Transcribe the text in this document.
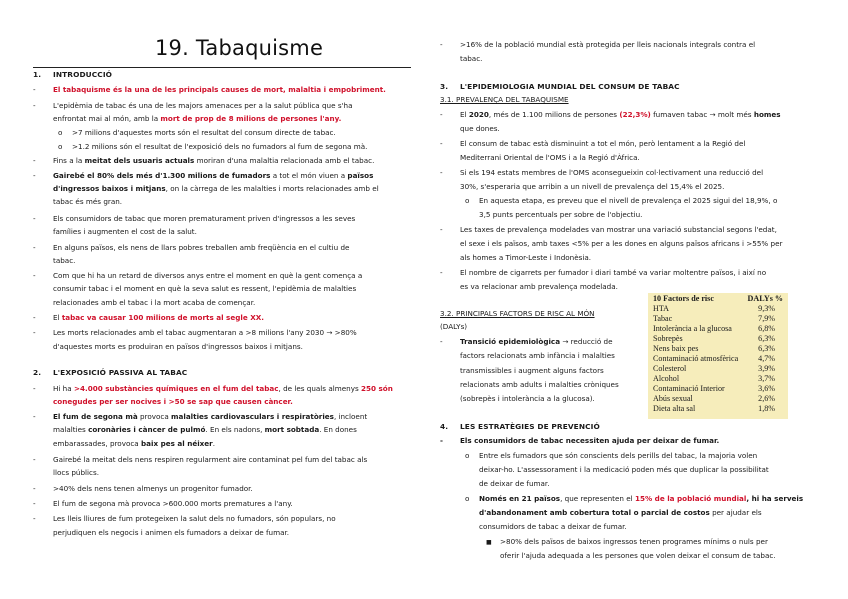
19. Tabaquisme
1. INTRODUCCIÓ
- El tabaquisme és la una de les principals causes de mort, malaltia i empobriment.
- L'epidèmia de tabac és una de les majors amenaces per a la salut pública que s'ha
enfrontat mai al món, amb la mort de prop de 8 milions de persones l'any.
o >7 milions d'aquestes morts són el resultat del consum directe de tabac.
o >1.2 milions són el resultat de l'exposició dels no fumadors al fum de segona mà.
- Fins a la meitat dels usuaris actuals moriran d'una malaltia relacionada amb el tabac.
- Gairebé el 80% dels més d'1.300 milions de fumadors a tot el món viuen a països
d'ingressos baixos i mitjans, on la càrrega de les malalties i morts relacionades amb el
tabac és més gran.
- Els consumidors de tabac que moren prematurament priven d'ingressos a les seves
famílies i augmenten el cost de la salut.
- En alguns països, els nens de llars pobres treballen amb freqüència en el cultiu de
tabac.
- Com que hi ha un retard de diversos anys entre el moment en què la gent comença a
consumir tabac i el moment en què la seva salut es ressent, l'epidèmia de malalties
relacionades amb el tabac i la mort acaba de començar.
- El tabac va causar 100 milions de morts al segle XX.
- Les morts relacionades amb el tabac augmentaran a >8 milions l'any 2030 → >80%
d'aquestes morts es produiran en països d'ingressos baixos i mitjans.
2. L'EXPOSICIÓ PASSIVA AL TABAC
- Hi ha >4.000 substàncies químiques en el fum del tabac, de les quals almenys 250 són
conegudes per ser nocives i >50 se sap que causen càncer.
- El fum de segona mà provoca malalties cardiovasculars i respiratòries, incloent
malalties coronàries i càncer de pulmó. En els nadons, mort sobtada. En dones
embarassades, provoca baix pes al néixer.
- Gairebé la meitat dels nens respiren regularment aire contaminat pel fum del tabac als
llocs públics.
- >40% dels nens tenen almenys un progenitor fumador.
- El fum de segona mà provoca >600.000 morts prematures a l'any.
- Les lleis lliures de fum protegeixen la salut dels no fumadors, són populars, no
perjudiquen els negocis i animen els fumadors a deixar de fumar.
- >16% de la població mundial està protegida per lleis nacionals integrals contra el
tabac.
3. L'EPIDEMIOLOGIA MUNDIAL DEL CONSUM DE TABAC
3.1. PREVALENÇA DEL TABAQUISME
- El 2020, més de 1.100 milions de persones (22,3%) fumaven tabac → molt més homes
que dones.
- El consum de tabac està disminuint a tot el món, però lentament a la Regió del
Mediterrani Oriental de l'OMS i a la Regió d'Àfrica.
- Si els 194 estats membres de l'OMS aconsegueixin col·lectivament una reducció del
30%, s'esperaria que arribin a un nivell de prevalença del 15,4% el 2025.
o En aquesta etapa, es preveu que el nivell de prevalença el 2025 sigui del 18,9%, o
3,5 punts percentuals per sobre de l'objectiu.
- Les taxes de prevalença modelades van mostrar una variació substancial segons l'edat,
el sexe i els països, amb taxes <5% per a les dones en alguns països africans i >55% per
als homes a Timor-Leste i Indonèsia.
- El nombre de cigarrets per fumador i diari també va variar moltentre països, i així no
es va relacionar amb prevalença modelada.
3.2. PRINCIPALS FACTORS DE RISC AL MÓN
(DALYs)
- Transició epidemiològica → reducció de
factors relacionats amb infància i malalties
transmissibles i augment alguns factors
relacionats amb adults i malalties cròniques
(sobrepès i intolerància a la glucosa).
10 Factors de risc	DALYs %
HTA	9,3%
Tabac	7,9%
Intolerància a la glucosa	6,8%
Sobrepès	6,3%
Nens baix pes	6,3%
Contaminació atmosfèrica 4,7%
Colesterol	3,9%
Alcohol	3,7%
Contaminació Interior	3,6%
Abús sexual	2,6%
Dieta alta sal	1,8%
4. LES ESTRATÈGIES DE PREVENCIÓ
- Els consumidors de tabac necessiten ajuda per deixar de fumar.
o Entre els fumadors que són conscients dels perills del tabac, la majoria volen
deixar-ho. L'assessorament i la medicació poden més que duplicar la possibilitat
de deixar de fumar.
o Només en 21 països, que representen el 15% de la població mundial, hi ha serveis
d'abandonament amb cobertura total o parcial de costos per ajudar els
consumidors de tabac a deixar de fumar.
■ >80% dels països de baixos ingressos tenen programes mínims o nuls per
oferir l'ajuda adequada a les persones que volen deixar el consum de tabac.
